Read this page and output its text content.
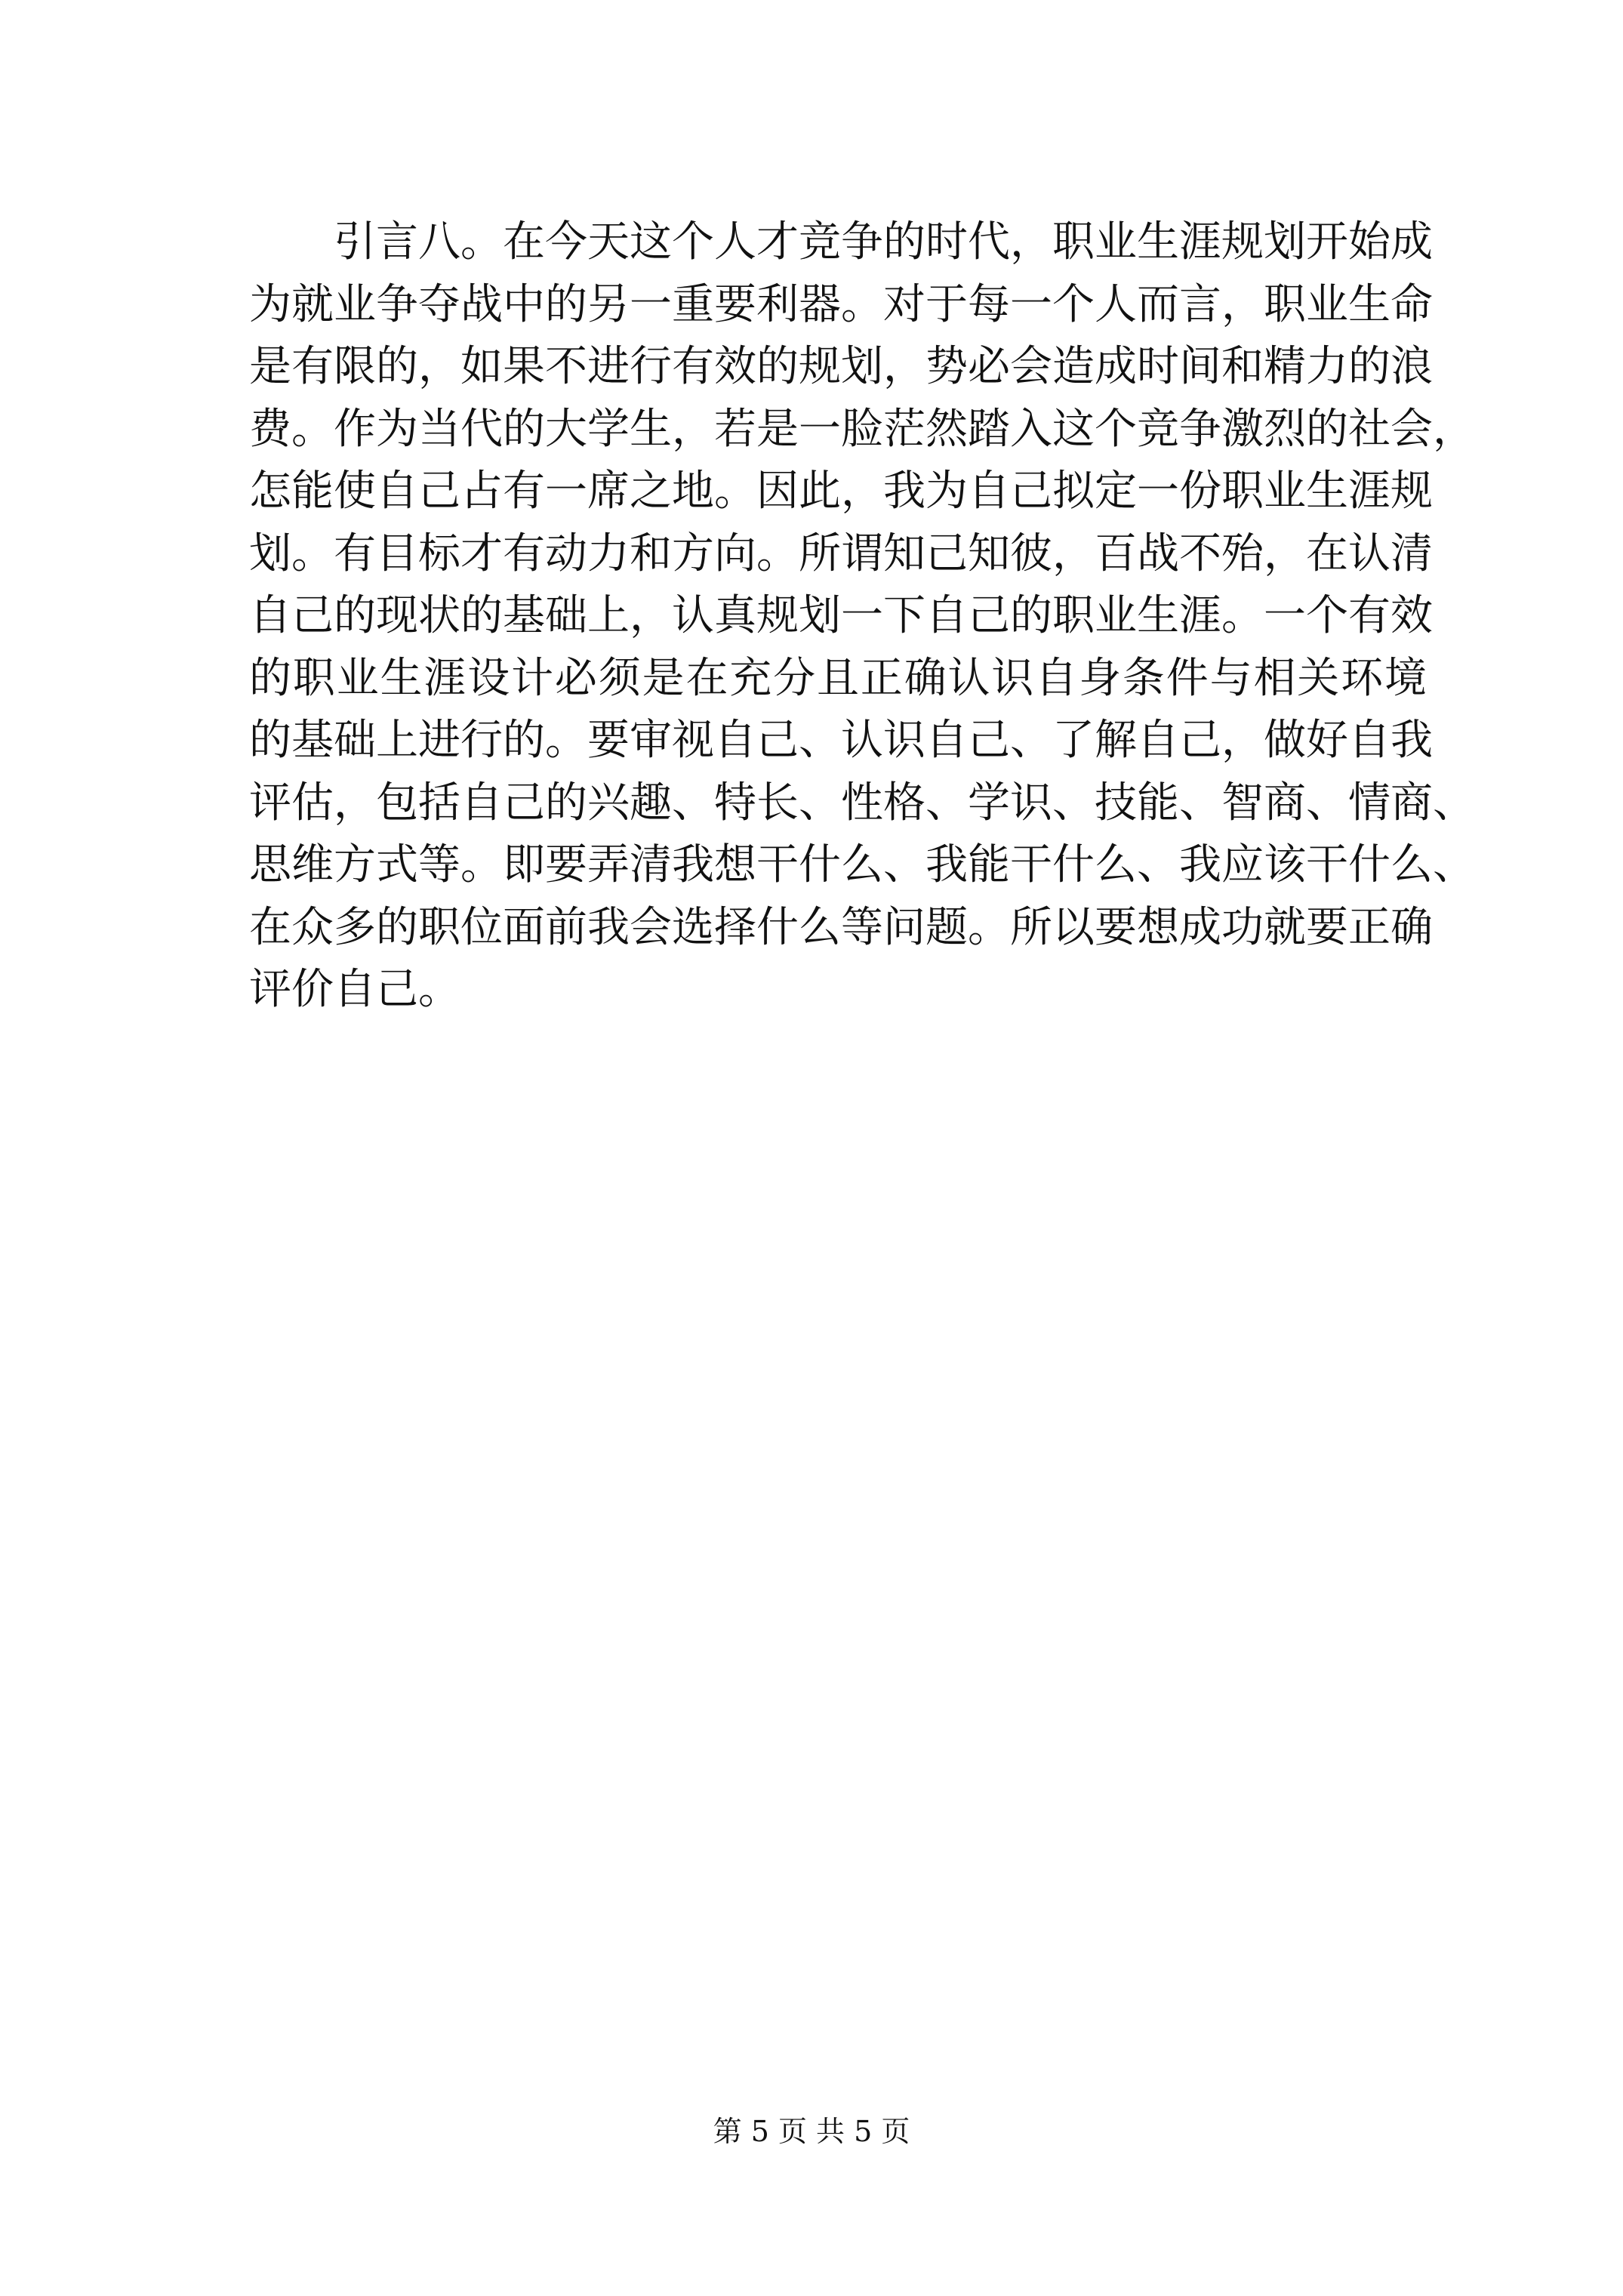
引言八。在今天这个人才竞争的时代，职业生涯规划开始成
为就业争夺战中的另一重要利器。对于每一个人而言，职业生命
是有限的，如果不进行有效的规划，势必会造成时间和精力的浪
费。作为当代的大学生，若是一脸茫然踏入这个竞争激烈的社会，
怎能使自己占有一席之地。因此，我为自己拟定一份职业生涯规
划。有目标才有动力和方向。所谓知己知彼，百战不殆，在认清
自己的现状的基础上，认真规划一下自己的职业生涯。一个有效
的职业生涯设计必须是在充分且正确认识自身条件与相关环境
的基础上进行的。要审视自己、认识自己、了解自己，做好自我
评估，包括自己的兴趣、特长、性格、学识、技能、智商、情商、
思维方式等。即要弄清我想干什么、我能干什么、我应该干什么、
在众多的职位面前我会选择什么等问题。所以要想成功就要正确
评价自己。
第 5 页 共 5 页
